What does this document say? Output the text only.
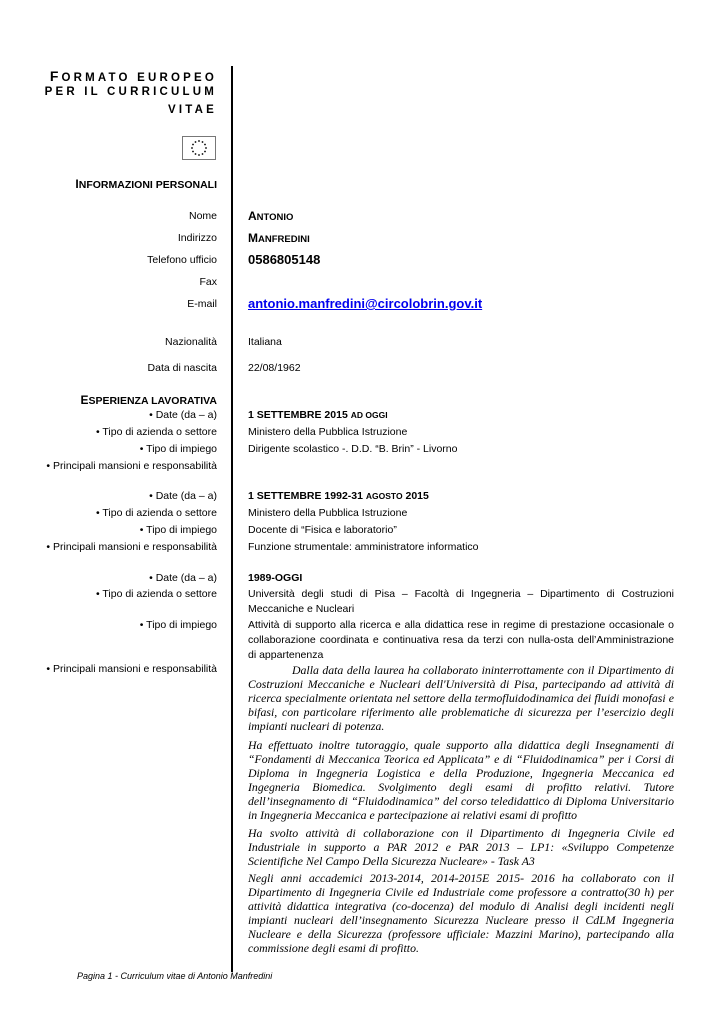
FORMATO EUROPEO
PER IL CURRICULUM
VITAE
INFORMAZIONI PERSONALI
Nome	ANTONIO
Indirizzo	MANFREDINI
Telefono ufficio 0586805148
Fax
E-mail antonio.manfredini@circolobrin.gov.it
Nazionalità	Italiana
Data di nascita	22/08/1962
ESPERIENZA LAVORATIVA
• Date (da – a)	1 SETTEMBRE 2015 AD OGGI
• Tipo di azienda o settore	Ministero della Pubblica Istruzione
• Tipo di impiego	Dirigente scolastico -. D.D. “B. Brin” - Livorno
• Principali mansioni e responsabilità
• Date (da – a)	1 SETTEMBRE 1992-31 AGOSTO 2015
• Tipo di azienda o settore	Ministero della Pubblica Istruzione
• Tipo di impiego	Docente di “Fisica e laboratorio”
• Principali mansioni e responsabilità	Funzione strumentale: amministratore informatico
• Date (da – a)	1989-OGGI
• Tipo di azienda o settore	Università degli studi di Pisa – Facoltà di Ingegneria – Dipartimento di Costruzioni Meccaniche e Nucleari
• Tipo di impiego	Attività di supporto alla ricerca e alla didattica rese in regime di prestazione occasionale o collaborazione coordinata e continuativa resa da terzi con nulla-osta dell’Amministrazione di appartenenza
• Principali mansioni e responsabilità	Dalla data della laurea ha collaborato ininterrottamente con il Dipartimento di Costruzioni Meccaniche e Nucleari dell'Università di Pisa, partecipando ad attività di ricerca specialmente orientata nel settore della termofluidodinamica dei fluidi monofasi e bifasi, con particolare riferimento alle problematiche di sicurezza per l’esercizio degli impianti nucleari di potenza.

Ha effettuato inoltre tutoraggio, quale supporto alla didattica degli Insegnamenti di “Fondamenti di Meccanica Teorica ed Applicata” e di “Fluidodinamica” per i Corsi di Diploma in Ingegneria Logistica e della Produzione, Ingegneria Meccanica ed Ingegneria Biomedica. Svolgimento degli esami di profitto relativi. Tutore dell’insegnamento di “Fluidodinamica” del corso teledidattico di Diploma Universitario in Ingegneria Meccanica e partecipazione ai relativi esami di profitto

Ha svolto attività di collaborazione con il Dipartimento di Ingegneria Civile ed Industriale in supporto a PAR 2012 e PAR 2013 – LP1: «Sviluppo Competenze Scientifiche Nel Campo Della Sicurezza Nucleare» - Task A3

Negli anni accademici 2013-2014, 2014-2015E 2015- 2016 ha collaborato con il Dipartimento di Ingegneria Civile ed Industriale come professore a contratto(30 h) per attività didattica integrativa (co-docenza) del modulo di Analisi degli incidenti negli impianti nucleari dell’insegnamento Sicurezza Nucleare presso il CdLM Ingegneria Nucleare e della Sicurezza (professore ufficiale: Mazzini Marino), partecipando alla commissione degli esami di profitto.

Pagina 1 - Curriculum vitae di Antonio Manfredini
